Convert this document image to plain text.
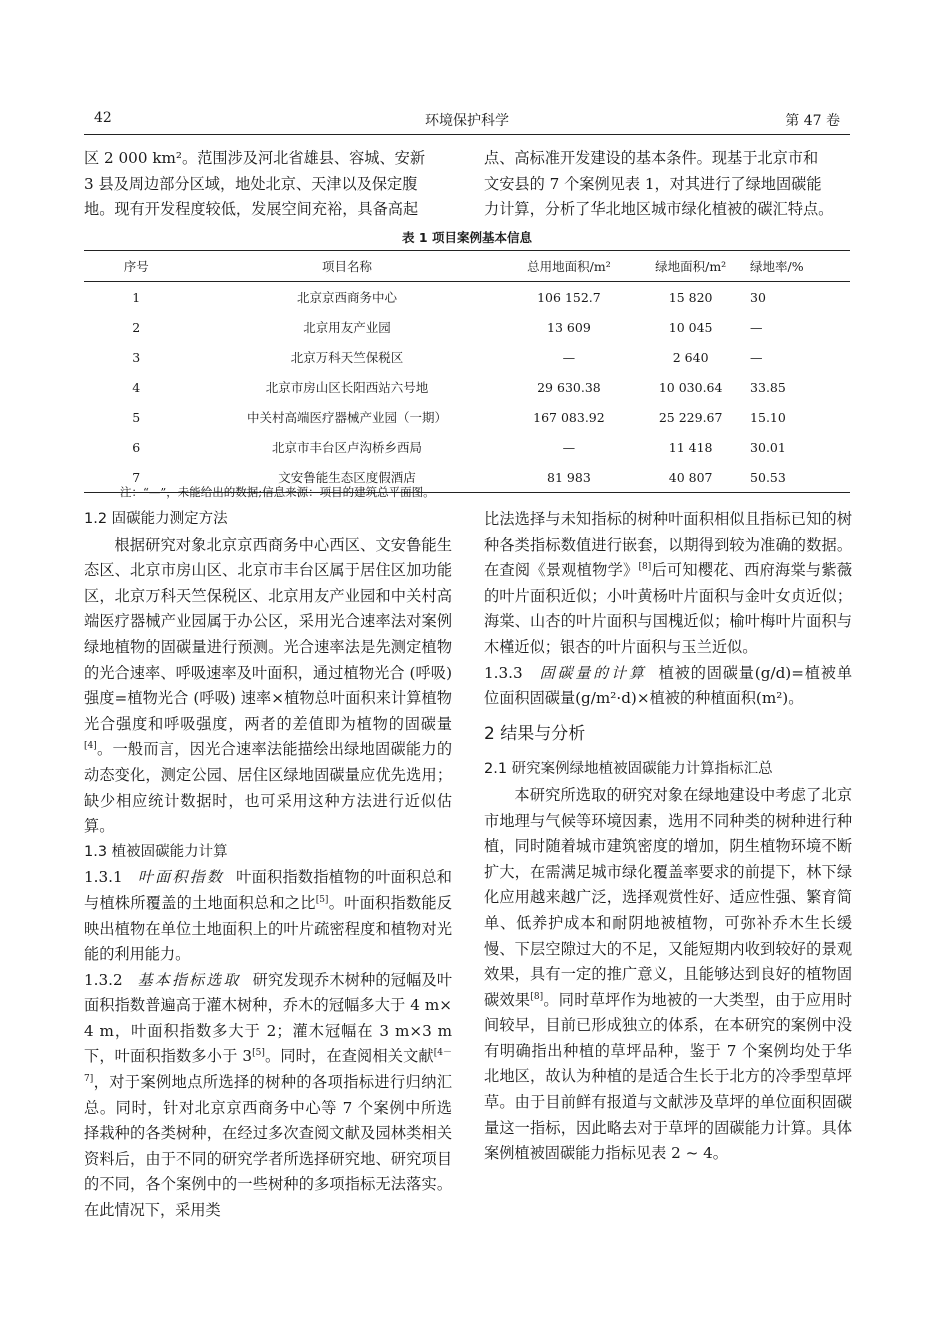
42	环境保护科学	第 47 卷
区 2 000 km²。范围涉及河北省雄县、容城、安新
3 县及周边部分区域，地处北京、天津以及保定腹
地。现有开发程度较低，发展空间充裕，具备高起
点、高标准开发建设的基本条件。现基于北京市和
文安县的 7 个案例见表 1，对其进行了绿地固碳能
力计算，分析了华北地区城市绿化植被的碳汇特点。
表 1 项目案例基本信息
序号	项目名称	总用地面积/m²	绿地面积/m²	绿地率/%
1	北京京西商务中心	106 152.7	15 820	30
2	北京用友产业园	13 609	10 045	—
3	北京万科天竺保税区	—	2 640	—
4	北京市房山区长阳西站六号地	29 630.38	10 030.64	33.85
5	中关村高端医疗器械产业园（一期）	167 083.92	25 229.67	15.10
6	北京市丰台区卢沟桥乡西局	—	11 418	30.01
7	文安鲁能生态区度假酒店	81 983	40 807	50.53
注：“—”，未能给出的数据;信息来源：项目的建筑总平面图。

1.2 固碳能力测定方法

根据研究对象北京京西商务中心西区、文安鲁能生态区、北京市房山区、北京市丰台区属于居住区加功能区，北京万科天竺保税区、北京用友产业园和中关村高端医疗器械产业园属于办公区，采用光合速率法对案例绿地植物的固碳量进行预测。光合速率法是先测定植物的光合速率、呼吸速率及叶面积，通过植物光合 (呼吸) 强度=植物光合 (呼吸) 速率×植物总叶面积来计算植物光合强度和呼吸强度，两者的差值即为植物的固碳量[4]。一般而言，因光合速率法能描绘出绿地固碳能力的动态变化，测定公园、居住区绿地固碳量应优先选用；缺少相应统计数据时，也可采用这种方法进行近似估算。

1.3 植被固碳能力计算

1.3.1 叶面积指数 叶面积指数指植物的叶面积总和与植株所覆盖的土地面积总和之比[5]。叶面积指数能反映出植物在单位土地面积上的叶片疏密程度和植物对光能的利用能力。

1.3.2 基本指标选取 研究发现乔木树种的冠幅及叶面积指数普遍高于灌木树种，乔木的冠幅多大于 4 m×4 m，叶面积指数多大于 2；灌木冠幅在 3 m×3 m 下，叶面积指数多小于 3[5]。同时，在查阅相关文献[4－7]，对于案例地点所选择的树种的各项指标进行归纳汇总。同时，针对北京京西商务中心等 7 个案例中所选择栽种的各类树种，在经过多次查阅文献及园林类相关资料后，由于不同的研究学者所选择研究地、研究项目的不同，各个案例中的一些树种的多项指标无法落实。在此情况下，采用类

比法选择与未知指标的树种叶面积相似且指标已知的树种各类指标数值进行嵌套，以期得到较为准确的数据。在查阅《景观植物学》[8]后可知樱花、西府海棠与紫薇的叶片面积近似；小叶黄杨叶片面积与金叶女贞近似；海棠、山杏的叶片面积与国槐近似；榆叶梅叶片面积与木槿近似；银杏的叶片面积与玉兰近似。

1.3.3 固碳量的计算 植被的固碳量(g/d)=植被单位面积固碳量(g/m²·d)×植被的种植面积(m²)。

2 结果与分析

2.1 研究案例绿地植被固碳能力计算指标汇总

本研究所选取的研究对象在绿地建设中考虑了北京市地理与气候等环境因素，选用不同种类的树种进行种植，同时随着城市建筑密度的增加，阴生植物环境不断扩大，在需满足城市绿化覆盖率要求的前提下，林下绿化应用越来越广泛，选择观赏性好、适应性强、繁育简单、低养护成本和耐阴地被植物，可弥补乔木生长缓慢、下层空隙过大的不足，又能短期内收到较好的景观效果，具有一定的推广意义，且能够达到良好的植物固碳效果[8]。同时草坪作为地被的一大类型，由于应用时间较早，目前已形成独立的体系，在本研究的案例中没有明确指出种植的草坪品种，鉴于 7 个案例均处于华北地区，故认为种植的是适合生长于北方的冷季型草坪草。由于目前鲜有报道与文献涉及草坪的单位面积固碳量这一指标，因此略去对于草坪的固碳能力计算。具体案例植被固碳能力指标见表 2 ~ 4。
